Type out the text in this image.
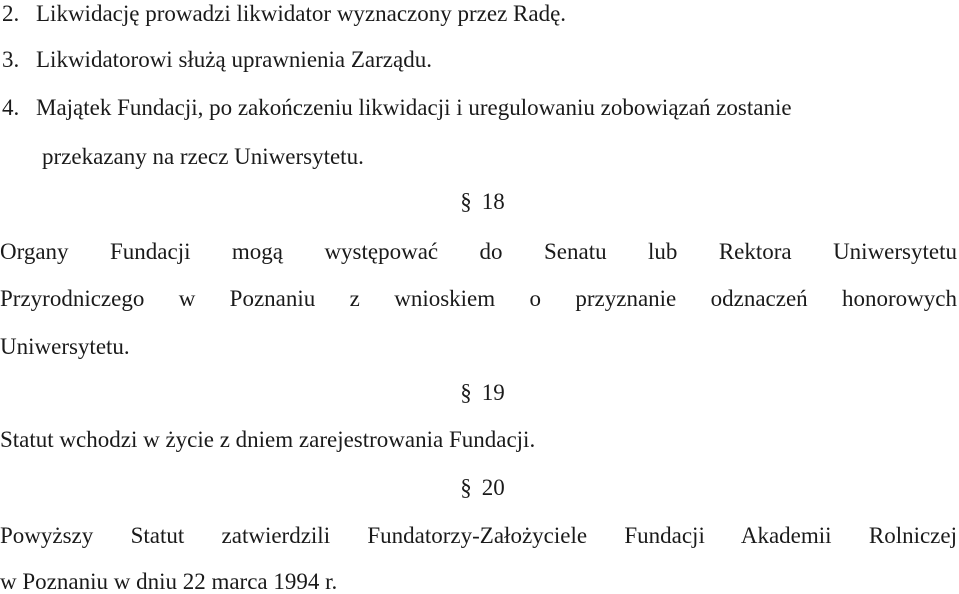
2. Likwidację prowadzi likwidator wyznaczony przez Radę.
3. Likwidatorowi służą uprawnienia Zarządu.
4. Majątek Fundacji, po zakończeniu likwidacji i uregulowaniu zobowiązań zostanie
przekazany na rzecz Uniwersytetu.
§ 18
Organy Fundacji mogą występować do Senatu lub Rektora Uniwersytetu
Przyrodniczego w Poznaniu z wnioskiem o przyznanie odznaczeń honorowych
Uniwersytetu.
§ 19
Statut wchodzi w życie z dniem zarejestrowania Fundacji.
§ 20
Powyższy Statut zatwierdzili Fundatorzy-Założyciele Fundacji Akademii Rolniczej
w Poznaniu w dniu 22 marca 1994 r.
